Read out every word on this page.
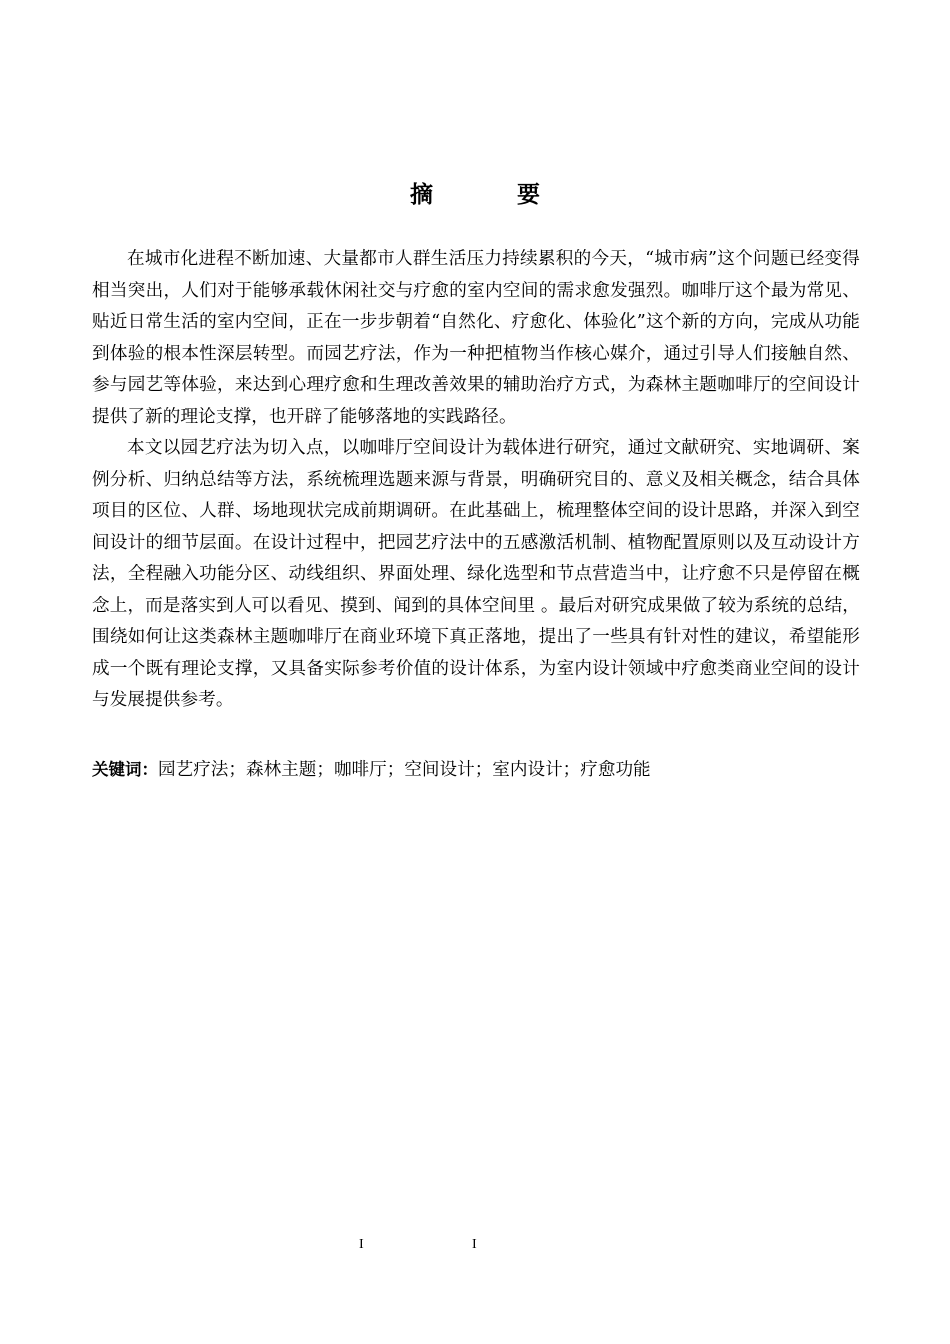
摘 要

在城市化进程不断加速、大量都市人群生活压力持续累积的今天，“城市病”这个问题已经变得相当突出，人们对于能够承载休闲社交与疗愈的室内空间的需求愈发强烈。咖啡厅这个最为常见、贴近日常生活的室内空间，正在一步步朝着“自然化、疗愈化、体验化”这个新的方向，完成从功能到体验的根本性深层转型。而园艺疗法，作为一种把植物当作核心媒介，通过引导人们接触自然、参与园艺等体验，来达到心理疗愈和生理改善效果的辅助治疗方式，为森林主题咖啡厅的空间设计提供了新的理论支撑，也开辟了能够落地的实践路径。

本文以园艺疗法为切入点，以咖啡厅空间设计为载体进行研究，通过文献研究、实地调研、案例分析、归纳总结等方法，系统梳理选题来源与背景，明确研究目的、意义及相关概念，结合具体项目的区位、人群、场地现状完成前期调研。在此基础上，梳理整体空间的设计思路，并深入到空间设计的细节层面。在设计过程中，把园艺疗法中的五感激活机制、植物配置原则以及互动设计方法，全程融入功能分区、动线组织、界面处理、绿化选型和节点营造当中，让疗愈不只是停留在概念上，而是落实到人可以看见、摸到、闻到的具体空间里 。最后对研究成果做了较为系统的总结，围绕如何让这类森林主题咖啡厅在商业环境下真正落地，提出了一些具有针对性的建议，希望能形成一个既有理论支撑，又具备实际参考价值的设计体系，为室内设计领域中疗愈类商业空间的设计与发展提供参考。

关键词：园艺疗法；森林主题；咖啡厅；空间设计；室内设计；疗愈功能

I	I
